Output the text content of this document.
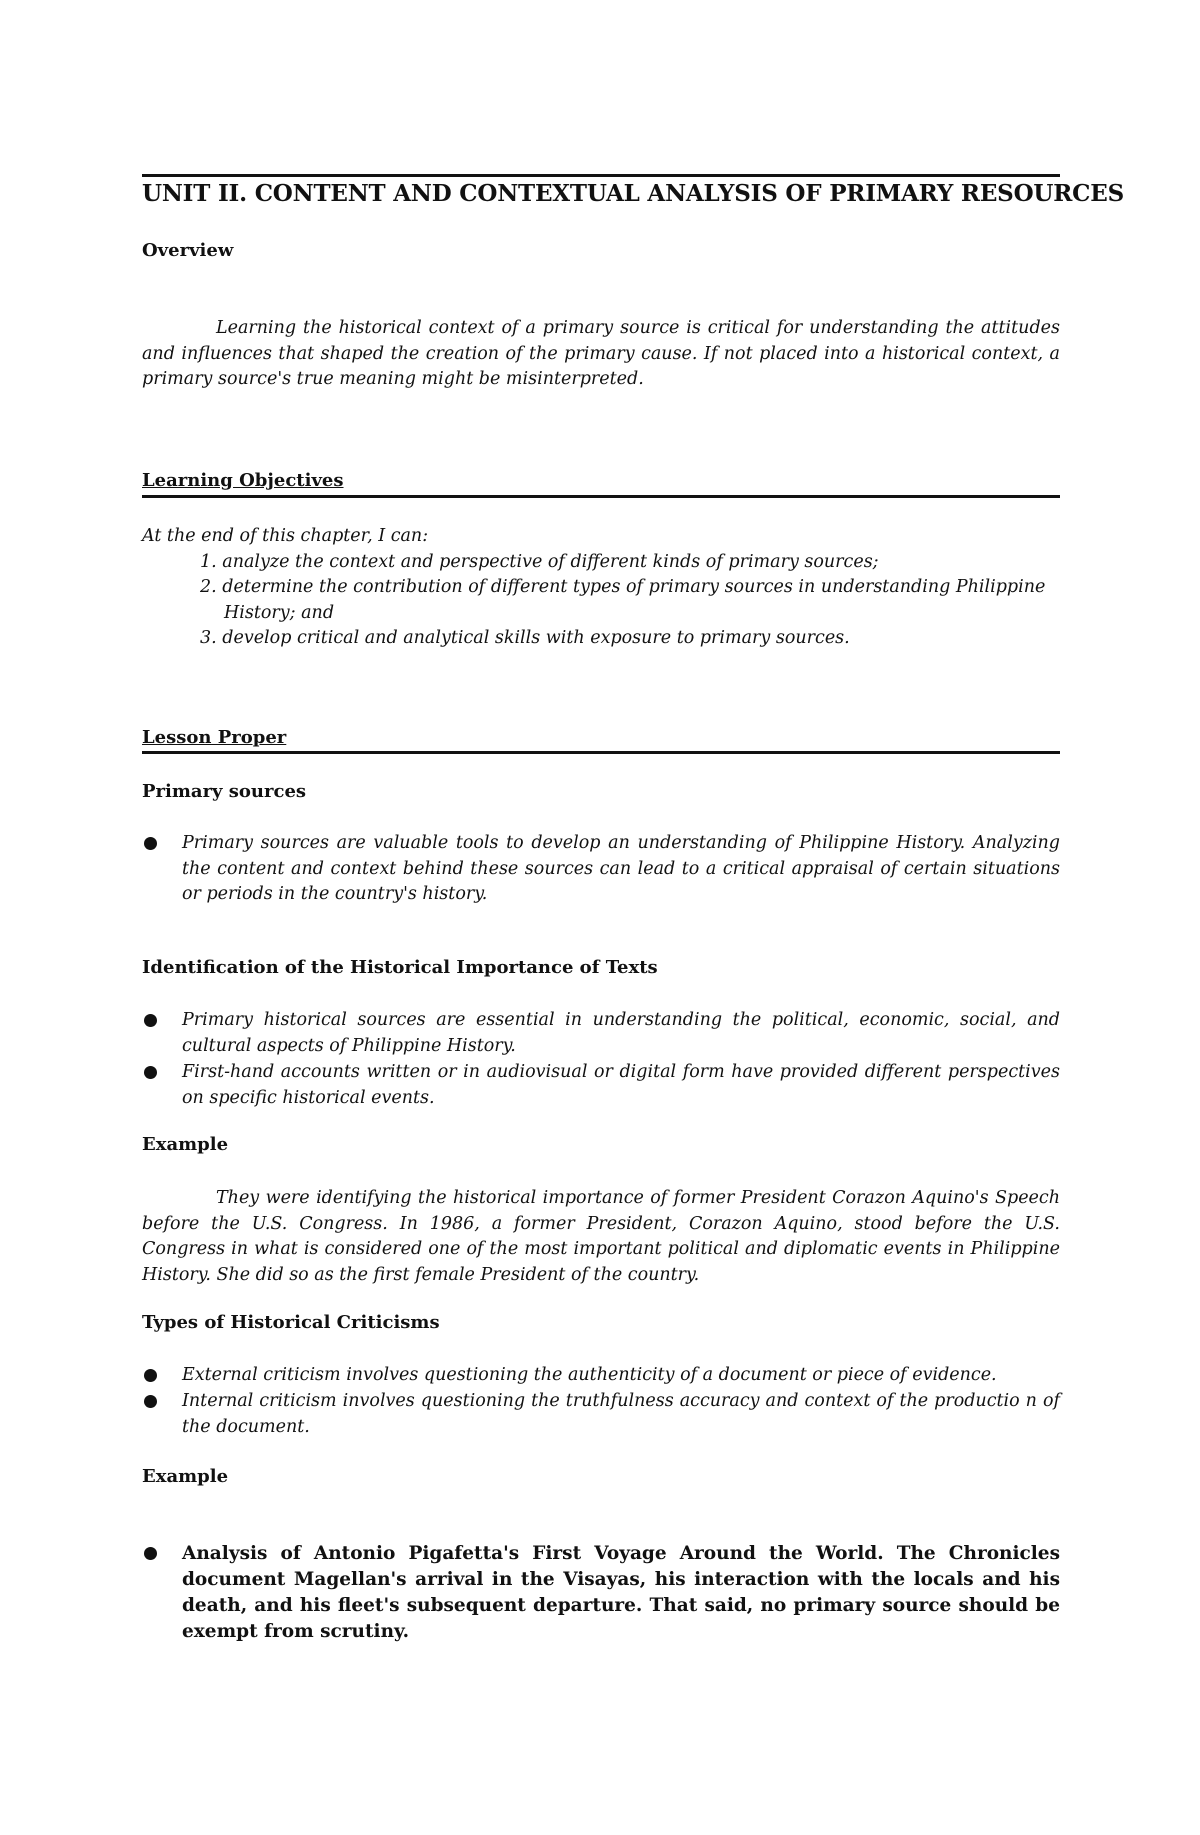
UNIT II. CONTENT AND CONTEXTUAL ANALYSIS OF PRIMARY RESOURCES
Overview
Learning the historical context of a primary source is critical for understanding the attitudes and influences that shaped the creation of the primary cause. If not placed into a historical context, a primary source's true meaning might be misinterpreted.
Learning Objectives
At the end of this chapter, I can:
1. analyze the context and perspective of different kinds of primary sources;
2. determine the contribution of different types of primary sources in understanding Philippine
History; and
3. develop critical and analytical skills with exposure to primary sources.
Lesson Proper
Primary sources
Primary sources are valuable tools to develop an understanding of Philippine History. Analyzing the content and context behind these sources can lead to a critical appraisal of certain situations or periods in the country's history.
Identification of the Historical Importance of Texts
Primary historical sources are essential in understanding the political, economic, social, and cultural aspects of Philippine History.
First-hand accounts written or in audiovisual or digital form have provided different perspectives on specific historical events.
Example
They were identifying the historical importance of former President Corazon Aquino's Speech before the U.S. Congress. In 1986, a former President, Corazon Aquino, stood before the U.S. Congress in what is considered one of the most important political and diplomatic events in Philippine History. She did so as the first female President of the country.
Types of Historical Criticisms
External criticism involves questioning the authenticity of a document or piece of evidence.
Internal criticism involves questioning the truthfulness accuracy and context of the productio n of the document.
Example
Analysis of Antonio Pigafetta's First Voyage Around the World. The Chronicles document Magellan's arrival in the Visayas, his interaction with the locals and his death, and his fleet's subsequent departure. That said, no primary source should be exempt from scrutiny.
